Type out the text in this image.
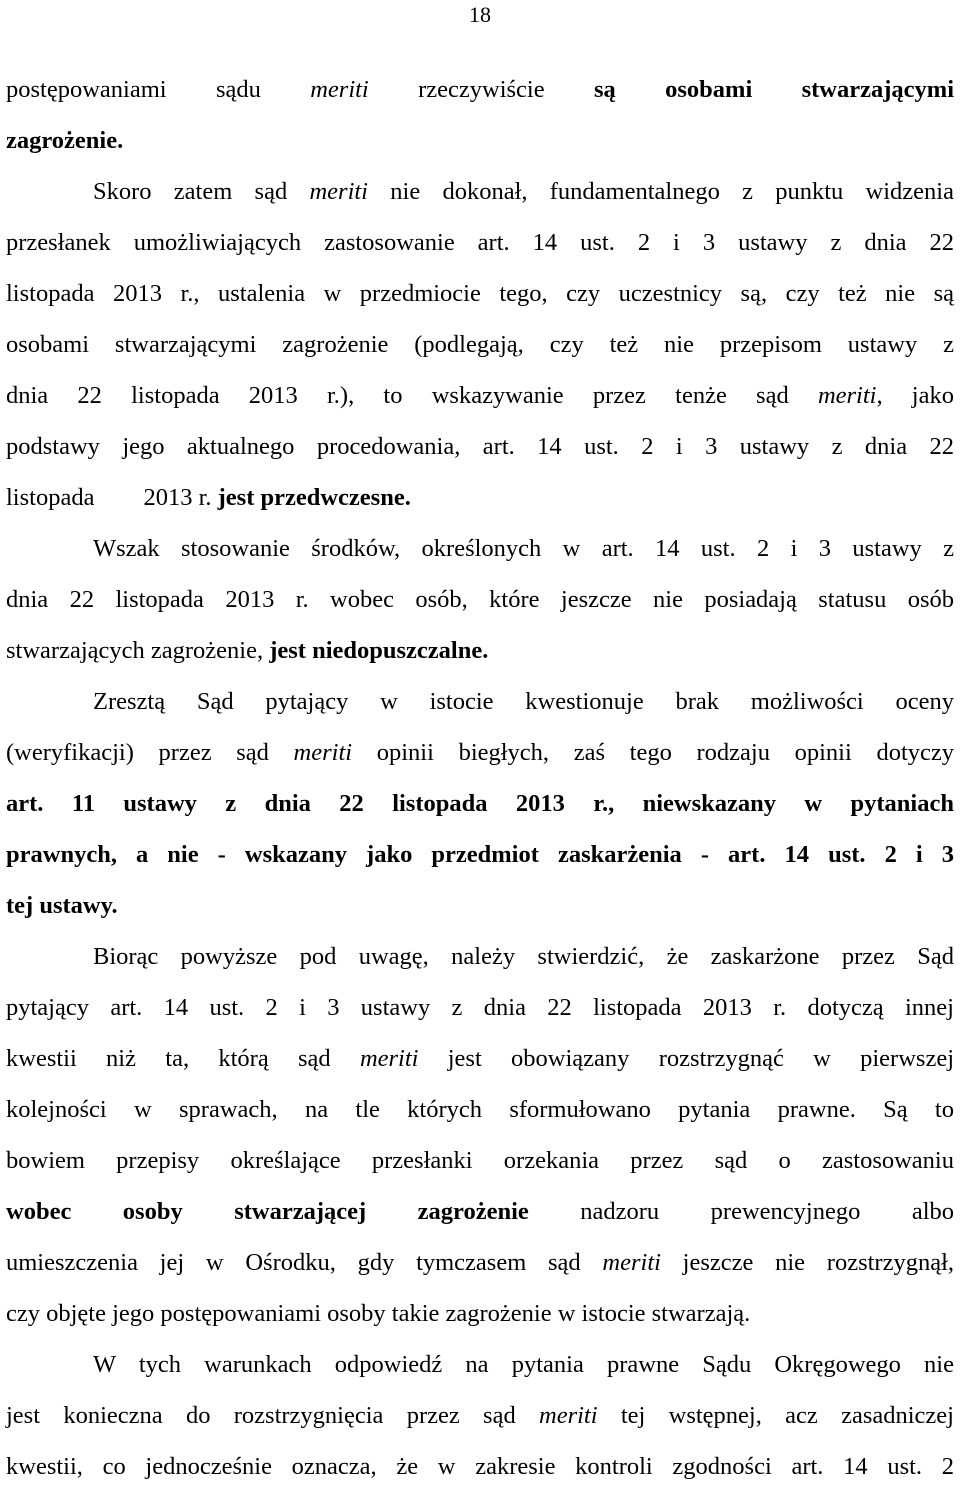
18
postępowaniami sądu meriti rzeczywiście są osobami stwarzającymi
zagrożenie.
Skoro zatem sąd meriti nie dokonał, fundamentalnego z punktu widzenia
przesłanek umożliwiających zastosowanie art. 14 ust. 2 i 3 ustawy z dnia 22
listopada 2013 r., ustalenia w przedmiocie tego, czy uczestnicy są, czy też nie są
osobami stwarzającymi zagrożenie (podlegają, czy też nie przepisom ustawy z
dnia 22 listopada 2013 r.), to wskazywanie przez tenże sąd meriti, jako
podstawy jego aktualnego procedowania, art. 14 ust. 2 i 3 ustawy z dnia 22
listopada        2013 r. jest przedwczesne.
Wszak stosowanie środków, określonych w art. 14 ust. 2 i 3 ustawy z
dnia 22 listopada 2013 r. wobec osób, które jeszcze nie posiadają statusu osób
stwarzających zagrożenie, jest niedopuszczalne.
Zresztą Sąd pytający w istocie kwestionuje brak możliwości oceny
(weryfikacji) przez sąd meriti opinii biegłych, zaś tego rodzaju opinii dotyczy
art. 11 ustawy z dnia 22 listopada 2013 r., niewskazany w pytaniach
prawnych, a nie - wskazany jako przedmiot zaskarżenia - art. 14 ust. 2 i 3
tej ustawy.
Biorąc powyższe pod uwagę, należy stwierdzić, że zaskarżone przez Sąd
pytający art. 14 ust. 2 i 3 ustawy z dnia 22 listopada 2013 r. dotyczą innej
kwestii niż ta, którą sąd meriti jest obowiązany rozstrzygnąć w pierwszej
kolejności w sprawach, na tle których sformułowano pytania prawne. Są to
bowiem przepisy określające przesłanki orzekania przez sąd o zastosowaniu
wobec osoby stwarzającej zagrożenie nadzoru prewencyjnego albo
umieszczenia jej w Ośrodku, gdy tymczasem sąd meriti jeszcze nie rozstrzygnął,
czy objęte jego postępowaniami osoby takie zagrożenie w istocie stwarzają.
W tych warunkach odpowiedź na pytania prawne Sądu Okręgowego nie
jest konieczna do rozstrzygnięcia przez sąd meriti tej wstępnej, acz zasadniczej
kwestii, co jednocześnie oznacza, że w zakresie kontroli zgodności art. 14 ust. 2
